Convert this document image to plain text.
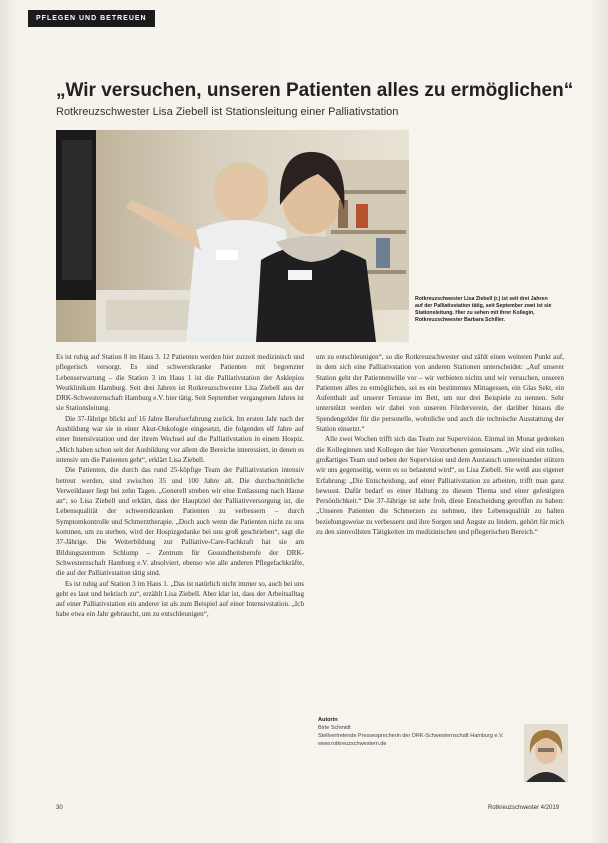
PFLEGEN UND BETREUEN
„Wir versuchen, unseren Patienten alles zu ermöglichen“
Rotkreuzschwester Lisa Ziebell ist Stationsleitung einer Palliativstation
Rotkreuzschwester Lisa Ziebell (r.) ist seit drei Jahren auf der Palliativstation tätig, seit September zwei ist sie Stationsleitung. Hier zu sehen mit ihrer Kollegin, Rotkreuzschwester Barbara Schiller.

Es ist ruhig auf Station 8 im Haus 3. 12 Patienten werden hier zurzeit medizinisch und pflegerisch versorgt. Es sind schwerstkranke Patienten mit begrenzter Lebenserwartung – die Station 3 im Haus 1 ist die Palliativstation der Asklepios Westklinikum Hamburg. Seit drei Jahren ist Rotkreuzschwester Lisa Ziebell aus der DRK-Schwesternschaft Hamburg e.V. hier tätig. Seit September vergangenen Jahres ist sie Stationsleitung.

Die 37-Jährige blickt auf 16 Jahre Berufserfahrung zurück. Im ersten Jahr nach der Ausbildung war sie in einer Akut-Onkologie eingesetzt, die folgenden elf Jahre auf einer Intensivstation und der ihrem Wechsel auf die Palliativstation in einem Hospiz. „Mich haben schon seit der Ausbildung vor allem die Bereiche interessiert, in denen es intensiv um die Patienten geht“, erklärt Lisa Ziebell.

Die Patienten, die durch das rund 25-köpfige Team der Palliativstation intensiv betreut werden, sind zwischen 35 und 100 Jahre alt. Die durchschnittliche Verweildauer liegt bei zehn Tagen. „Generell streben wir eine Entlassung nach Hause an“, so Lisa Ziebell und erklärt, dass der Hauptziel der Palliativversorgung ist, die Lebensqualität der schwerstkranken Patienten zu verbessern – durch Symptomkontrolle und Schmerztherapie. „Doch auch wenn die Patienten nicht zu uns kommen, um zu sterben, wird der Hospizgedanke bei uns groß geschrieben“, sagt die 37-Jährige. Die Weiterbildung zur Palliative-Care-Fachkraft hat sie am Bildungszentrum Schlump – Zentrum für Gesundheitsberufe der DRK-Schwesternschaft Hamburg e.V. absolviert, ebenso wie alle anderen Pflegefachkräfte, die auf der Palliativstation tätig sind.

Es ist ruhig auf Station 3 im Haus 1. „Das ist natürlich nicht immer so, auch bei uns geht es laut und hektisch zu“, erzählt Lisa Ziebell. Aber klar ist, dass der Arbeitsalltag auf einer Palliativstation ein anderer ist als zum Beispiel auf einer Intensivstation. „Ich habe etwa ein Jahr gebraucht, um zu entschleunigen“,

um zu entschleunigen“, so die Rotkreuzschwester und zählt einen weiteren Punkt auf, in dem sich eine Palliativstation von anderen Stationen unterscheidet: „Auf unserer Station geht der Patientenwille vor – wir verbieten nichts und wir versuchen, unseren Patienten alles zu ermöglichen, sei es ein bestimmtes Mittagessen, ein Glas Sekt, ein Aufenthalt auf unserer Terrasse im Bett, um nur drei Beispiele zu nennen. Sehr unterstützt werden wir dabei von unseren Förderverein, der darüber hinaus die Spendengelder für die personelle, wohnliche und auch die technische Ausstattung der Station einsetzt.“

Alle zwei Wochen trifft sich das Team zur Supervision. Einmal im Monat gedenken die Kolleginnen und Kollegen der hier Verstorbenen gemeinsam. „Wir sind ein tolles, großartiges Team und neben der Supervision und dem Austausch untereinander stützen wir uns gegenseitig, wenn es so belastend wird“, so Lisa Ziebell. Sie weiß aus eigener Erfahrung: „Die Entscheidung, auf einer Palliativstation zu arbeiten, trifft man ganz bewusst. Dafür bedarf es einer Haltung zu diesem Thema und einer gefestigten Persönlichkeit.“ Die 37-Jährige ist sehr froh, diese Entscheidung getroffen zu haben: „Unseren Patienten die Schmerzen zu nehmen, ihre Lebensqualität zu halten beziehungsweise zu verbessern und ihre Sorgen und Ängste zu lindern, gehört für mich zu den sinnvollsten Tätigkeiten im medizinischen und pflegerischen Bereich.“

Autorin
Birte Schmidt
Stellvertretende Pressesprecherin der DRK-Schwesternschaft Hamburg e.V.
www.rotkreuzschwestern.de
30	Rotkreuzschwester 4/2019
